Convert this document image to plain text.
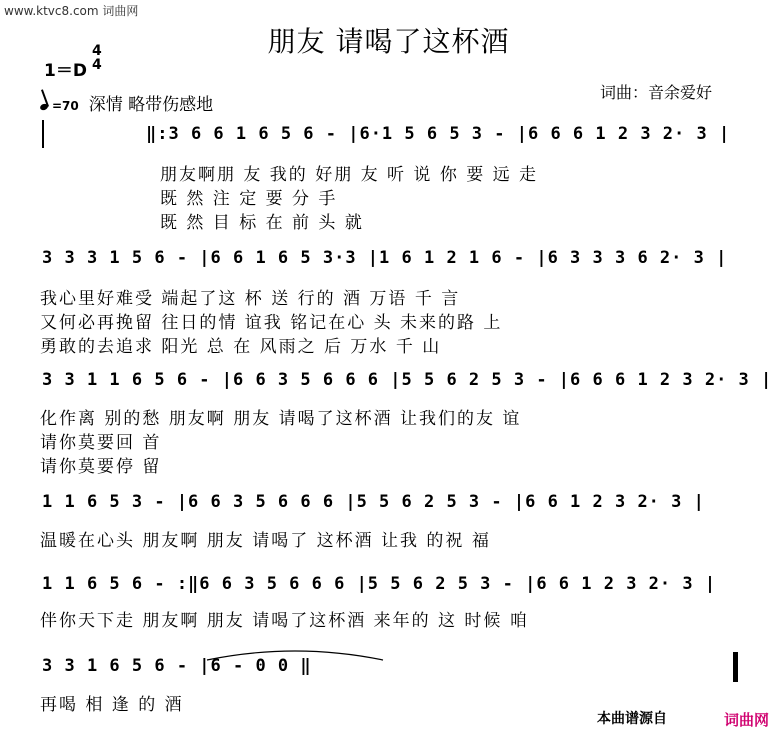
www.ktvc8.com 词曲网
朋友 请喝了这杯酒
1＝D
4
4
=70 深情 略带伤感地
词曲：音余爱好
‖:3 6 6 1 6 5 6 - |6·1 5 6 5 3 - |6 6 6 1 2 3 2· 3 |
朋友啊朋 友 我的 好朋 友 听 说 你 要 远 走
既 然 注 定 要 分 手
既 然 目 标 在 前 头 就
3 3 3 1 5 6 - |6 6 1 6 5 3·3 |1 6 1 2 1 6 - |6 3 3 3 6 2· 3 |
我心里好难受 端起了这 杯 送 行的 酒 万语 千 言
又何必再挽留 往日的情 谊我 铭记在心 头 未来的路 上
勇敢的去追求 阳光 总 在 风雨之 后 万水 千 山
3 3 1 1 6 5 6 - |6 6 3 5 6 6 6 |5 5 6 2 5 3 - |6 6 6 1 2 3 2· 3 |
化作离 别的愁 朋友啊 朋友 请喝了这杯酒 让我们的友 谊
请你莫要回 首
请你莫要停 留
1 1 6 5 3 - |6 6 3 5 6 6 6 |5 5 6 2 5 3 - |6 6 1 2 3 2· 3 |
温暖在心头 朋友啊 朋友 请喝了 这杯酒 让我 的祝 福
1 1 6 5 6 - :‖6 6 3 5 6 6 6 |5 5 6 2 5 3 - |6 6 1 2 3 2· 3 |
伴你天下走 朋友啊 朋友 请喝了这杯酒 来年的 这 时候 咱
3 3 1 6 5 6 - |6 - 0 0 ‖
再喝 相 逢 的 酒
本曲谱源自	词曲网
